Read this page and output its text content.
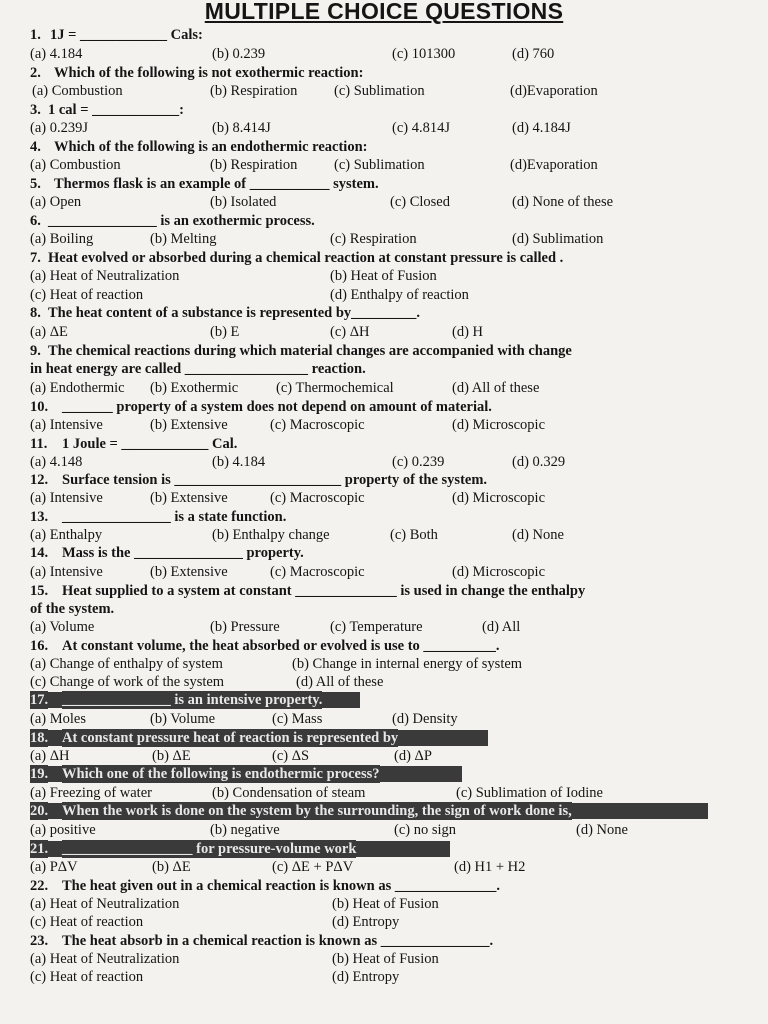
MULTIPLE CHOICE QUESTIONS
1. 1J = ____________ Cals:
(a) 4.184	(b) 0.239	(c) 101300	(d) 760
2. Which of the following is not exothermic reaction:
(a) Combustion	(b) Respiration	(c) Sublimation	(d)Evaporation
3. 1 cal = ____________:
(a) 0.239J	(b) 8.414J	(c) 4.814J	(d) 4.184J
4. Which of the following is an endothermic reaction:
(a) Combustion	(b) Respiration	(c) Sublimation	(d)Evaporation
5. Thermos flask is an example of ___________ system.
(a) Open	(b) Isolated	(c) Closed	(d) None of these
6. _______________ is an exothermic process.
(a) Boiling	(b) Melting	(c) Respiration	(d) Sublimation
7. Heat evolved or absorbed during a chemical reaction at constant pressure is called .
(a) Heat of Neutralization	(b) Heat of Fusion
(c) Heat of reaction	(d) Enthalpy of reaction
8. The heat content of a substance is represented by_________.
(a) ΔE	(b) E	(c) ΔH	(d) H
9. The chemical reactions during which material changes are accompanied with change
in heat energy are called _________________ reaction.
(a) Endothermic (b) Exothermic	(c) Thermochemical	(d) All of these
10. _______ property of a system does not depend on amount of material.
(a) Intensive	(b) Extensive	(c) Macroscopic	(d) Microscopic
11. 1 Joule = ____________ Cal.
(a) 4.148	(b) 4.184	(c) 0.239	(d) 0.329
12. Surface tension is _______________________ property of the system.
(a) Intensive	(b) Extensive	(c) Macroscopic	(d) Microscopic
13. _______________ is a state function.
(a) Enthalpy	(b) Enthalpy change	(c) Both	(d) None
14. Mass is the _______________ property.
(a) Intensive	(b) Extensive	(c) Macroscopic	(d) Microscopic
15. Heat supplied to a system at constant ______________ is used in change the enthalpy
of the system.
(a) Volume	(b) Pressure	(c) Temperature	(d) All
16. At constant volume, the heat absorbed or evolved is use to __________.
(a) Change of enthalpy of system	(b) Change in internal energy of system
(c) Change of work of the system	(d) All of these
17. _______________ is an intensive property.
(a) Moles	(b) Volume	(c) Mass	(d) Density
18. At constant pressure heat of reaction is represented by
(a) ΔH	(b) ΔE	(c) ΔS	(d) ΔP
19. Which one of the following is endothermic process?
(a) Freezing of water	(b) Condensation of steam	(c) Sublimation of Iodine
20. When the work is done on the system by the surrounding, the sign of work done is,
(a) positive	(b) negative	(c) no sign	(d) None
21. __________________ for pressure-volume work
(a) PΔV	(b) ΔE	(c) ΔE + PΔV	(d) H1 + H2
22. The heat given out in a chemical reaction is known as ______________.
(a) Heat of Neutralization	(b) Heat of Fusion
(c) Heat of reaction	(d) Entropy
23. The heat absorb in a chemical reaction is known as _______________.
(a) Heat of Neutralization	(b) Heat of Fusion
(c) Heat of reaction	(d) Entropy
